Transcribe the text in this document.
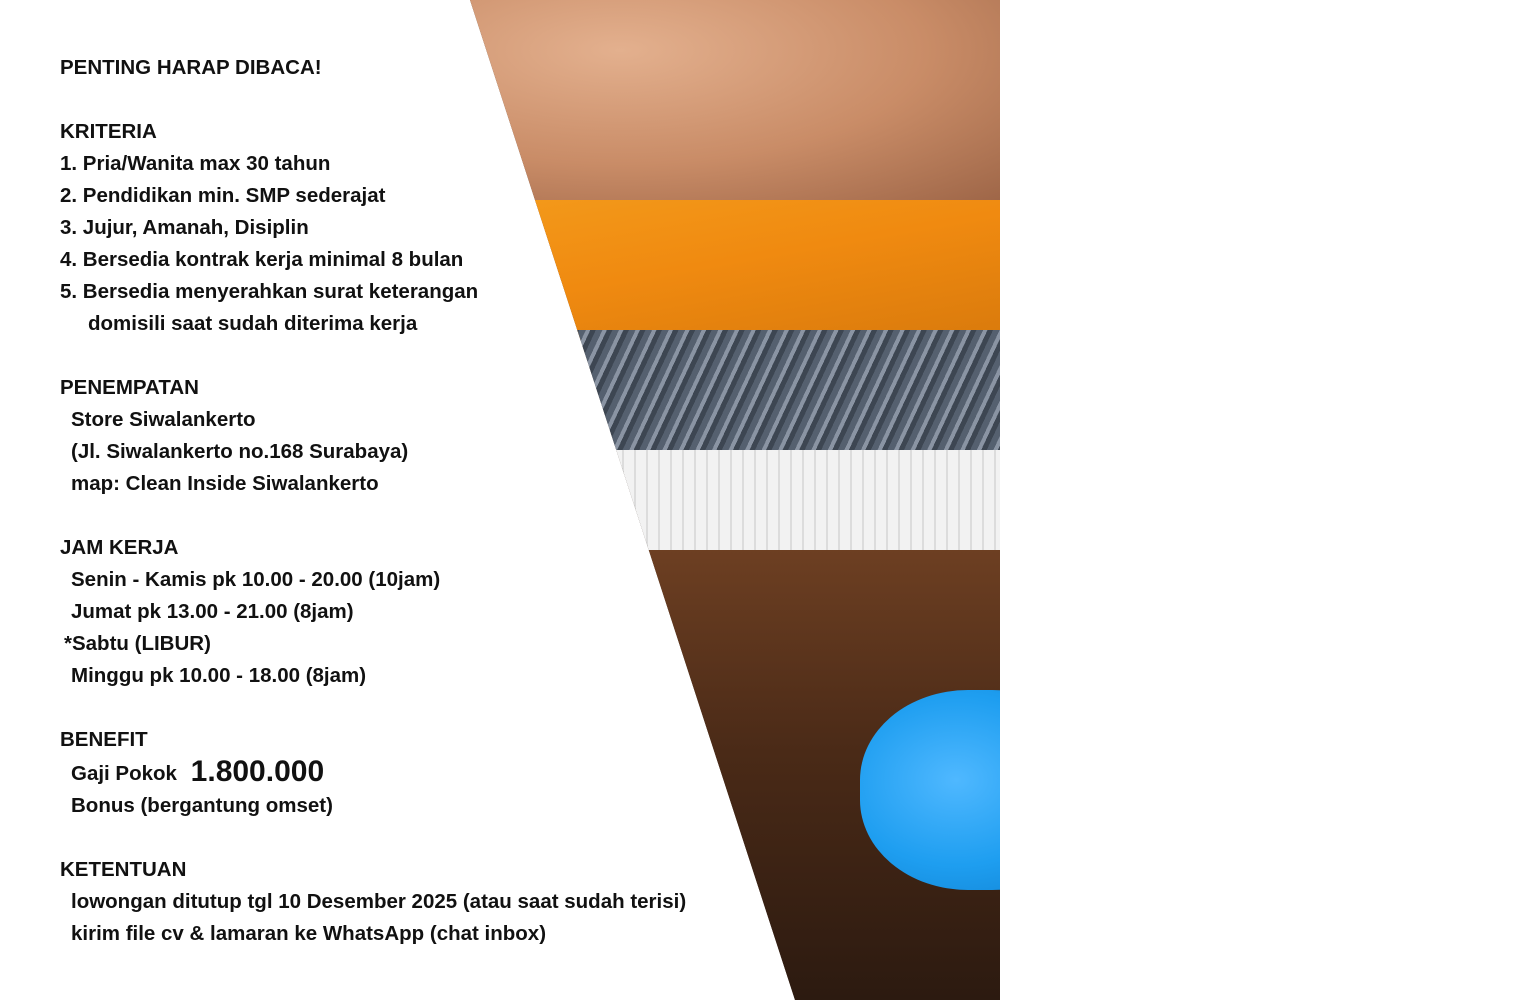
Dibutuhkan
Karyawan Cuci Sepatu
PENTING HARAP DIBACA!
KRITERIA
1. Pria/Wanita max 30 tahun
2. Pendidikan min. SMP sederajat
3. Jujur, Amanah, Disiplin
4. Bersedia kontrak kerja minimal 8 bulan
5. Bersedia menyerahkan surat keterangan
domisili saat sudah diterima kerja
PENEMPATAN
Store Siwalankerto
(Jl. Siwalankerto no.168 Surabaya)
map: Clean Inside Siwalankerto
JAM KERJA
Senin - Kamis pk 10.00 - 20.00 (10jam)
Jumat pk 13.00 - 21.00 (8jam)
*Sabtu (LIBUR)
Minggu pk 10.00 - 18.00 (8jam)
BENEFIT
Gaji Pokok 1.800.000
Bonus (bergantung omset)
KETENTUAN
lowongan ditutup tgl 10 Desember 2025 (atau saat sudah terisi)
kirim file cv & lamaran ke WhatsApp (chat inbox)
